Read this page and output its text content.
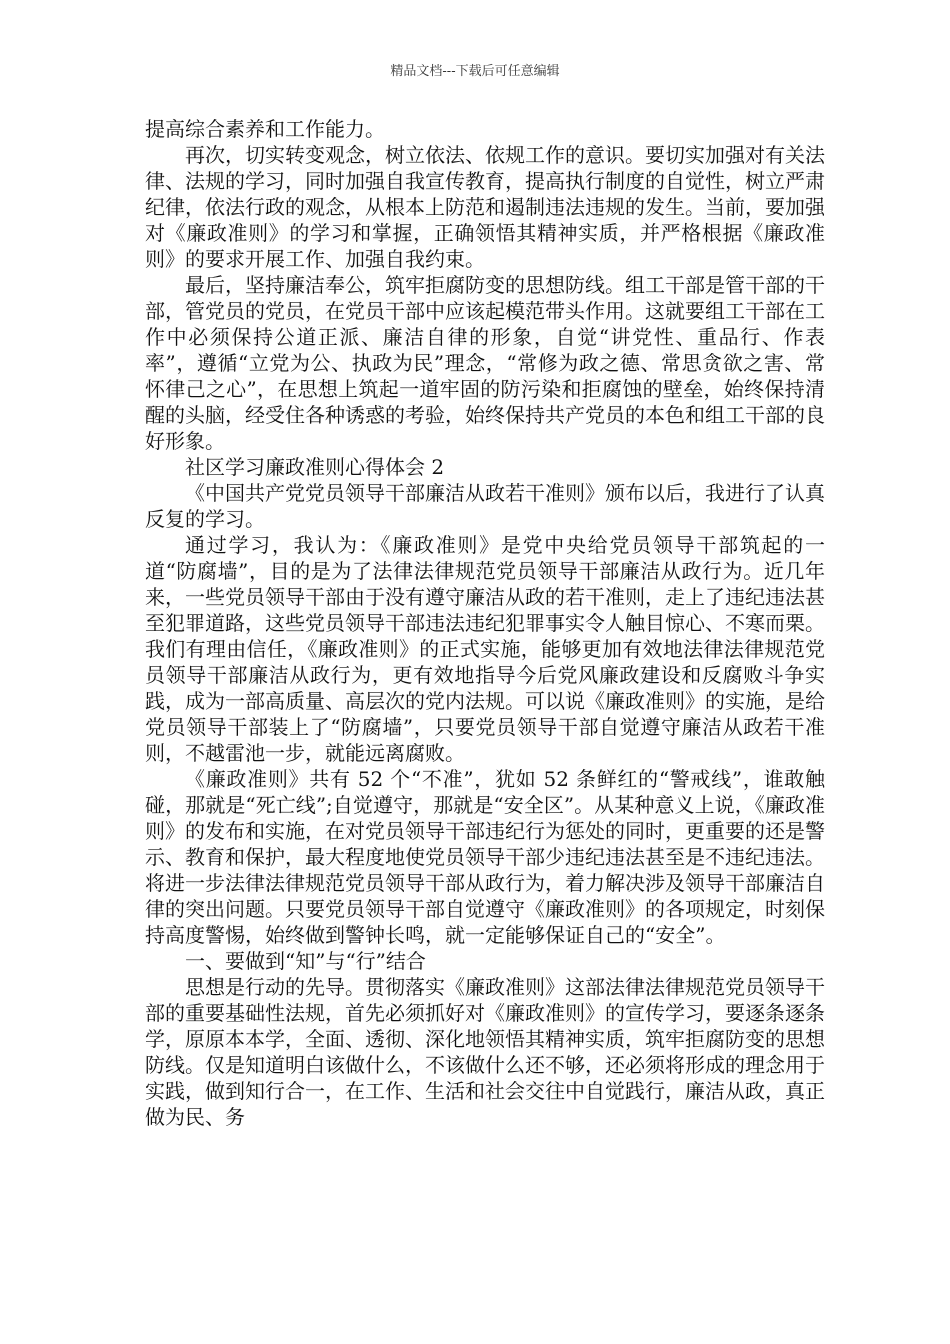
精品文档---下载后可任意编辑

提高综合素养和工作能力。

再次，切实转变观念，树立依法、依规工作的意识。要切实加强对有关法律、法规的学习，同时加强自我宣传教育，提高执行制度的自觉性，树立严肃纪律，依法行政的观念，从根本上防范和遏制违法违规的发生。当前，要加强对《廉政准则》的学习和掌握，正确领悟其精神实质，并严格根据《廉政准则》的要求开展工作、加强自我约束。

最后，坚持廉洁奉公，筑牢拒腐防变的思想防线。组工干部是管干部的干部，管党员的党员，在党员干部中应该起模范带头作用。这就要组工干部在工作中必须保持公道正派、廉洁自律的形象，自觉“讲党性、重品行、作表率”，遵循“立党为公、执政为民”理念，“常修为政之德、常思贪欲之害、常怀律己之心”，在思想上筑起一道牢固的防污染和拒腐蚀的壁垒，始终保持清醒的头脑，经受住各种诱惑的考验，始终保持共产党员的本色和组工干部的良好形象。

社区学习廉政准则心得体会 2

《中国共产党党员领导干部廉洁从政若干准则》颁布以后，我进行了认真反复的学习。

通过学习，我认为：《廉政准则》是党中央给党员领导干部筑起的一道“防腐墙”，目的是为了法律法律规范党员领导干部廉洁从政行为。近几年来，一些党员领导干部由于没有遵守廉洁从政的若干准则，走上了违纪违法甚至犯罪道路，这些党员领导干部违法违纪犯罪事实令人触目惊心、不寒而栗。我们有理由信任，《廉政准则》的正式实施，能够更加有效地法律法律规范党员领导干部廉洁从政行为，更有效地指导今后党风廉政建设和反腐败斗争实践，成为一部高质量、高层次的党内法规。可以说《廉政准则》的实施，是给党员领导干部装上了“防腐墙”，只要党员领导干部自觉遵守廉洁从政若干准则，不越雷池一步，就能远离腐败。

《廉政准则》共有 52 个“不准”，犹如 52 条鲜红的“警戒线”，谁敢触碰，那就是“死亡线”;自觉遵守，那就是“安全区”。从某种意义上说，《廉政准则》的发布和实施，在对党员领导干部违纪行为惩处的同时，更重要的还是警示、教育和保护，最大程度地使党员领导干部少违纪违法甚至是不违纪违法。将进一步法律法律规范党员领导干部从政行为，着力解决涉及领导干部廉洁自律的突出问题。只要党员领导干部自觉遵守《廉政准则》的各项规定，时刻保持高度警惕，始终做到警钟长鸣，就一定能够保证自己的“安全”。

一、要做到“知”与“行”结合

思想是行动的先导。贯彻落实《廉政准则》这部法律法律规范党员领导干部的重要基础性法规，首先必须抓好对《廉政准则》的宣传学习，要逐条逐条学，原原本本学，全面、透彻、深化地领悟其精神实质，筑牢拒腐防变的思想防线。仅是知道明白该做什么，不该做什么还不够，还必须将形成的理念用于实践，做到知行合一，在工作、生活和社会交往中自觉践行，廉洁从政，真正做为民、务
